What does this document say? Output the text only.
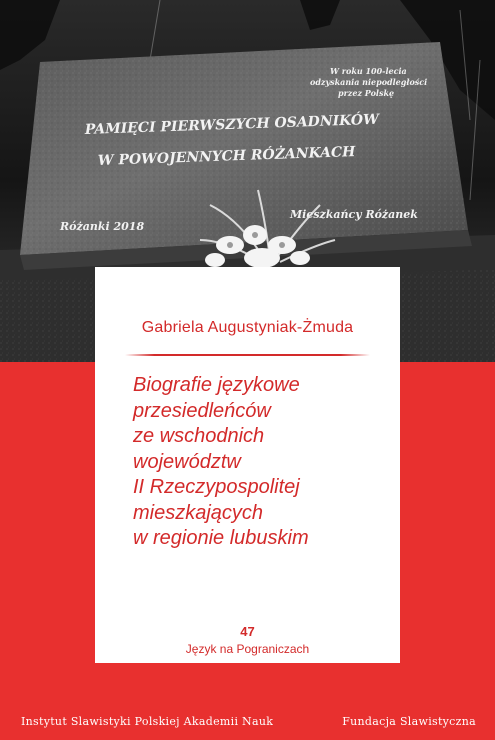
W roku 100-lecia
odzyskania niepodległości
przez Polskę
PAMIĘCI PIERWSZYCH OSADNIKÓW
W POWOJENNYCH RÓŻANKACH
Różanki 2018
Mieszkańcy Różanek
Gabriela Augustyniak-Żmuda
Biografie językowe
przesiedleńców
ze wschodnich
województw
II Rzeczypospolitej
mieszkających
w regionie lubuskim
47
Język na Pograniczach
Instytut Slawistyki Polskiej Akademii Nauk	Fundacja Slawistyczna
